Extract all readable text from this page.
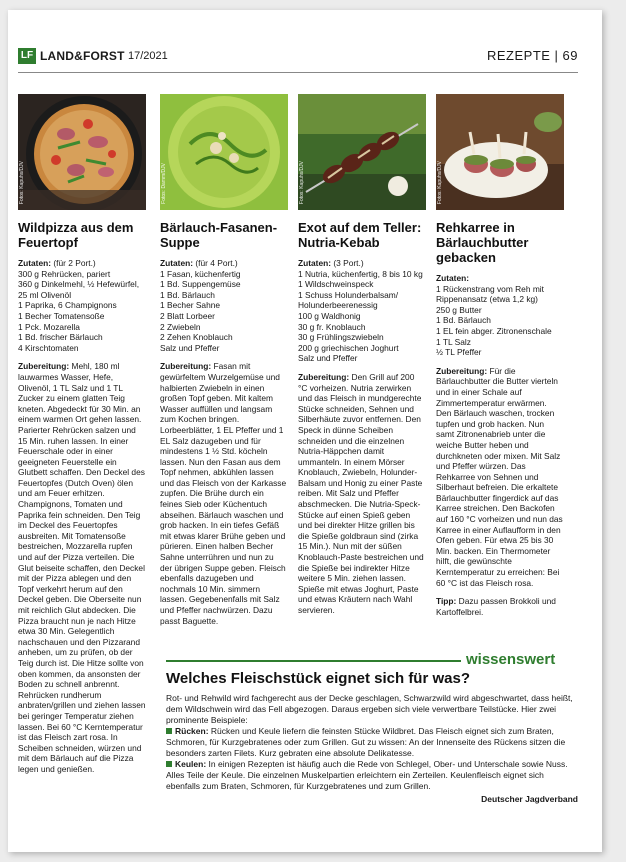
LF LAND&FORST 17/2021	REZEPTE | 69
Fotos: Kapuhs/DJV
Wildpizza aus dem Feuertopf
Zutaten: (für 2 Port.)
300 g Rehrücken, pariert
360 g Dinkelmehl, ½ Hefewürfel, 25 ml Olivenöl
1 Paprika, 6 Champignons
1 Becher Tomatensoße
1 Pck. Mozarella
1 Bd. frischer Bärlauch
4 Kirschtomaten
Zubereitung: Mehl, 180 ml lauwarmes Wasser, Hefe, Olivenöl, 1 TL Salz und 1 TL Zucker zu einem glatten Teig kneten. Abgedeckt für 30 Min. an einem warmen Ort gehen lassen. Parierter Rehrücken salzen und 15 Min. ruhen lassen. In einer Feuerschale oder in einer geeigneten Feuerstelle ein Glutbett schaffen. Den Deckel des Feuertopfes (Dutch Oven) ölen und am Feuer erhitzen. Champignons, Tomaten und Paprika fein schneiden. Den Teig im Deckel des Feuertopfes ausbreiten. Mit Tomatensoße bestreichen, Mozzarella rupfen und auf der Pizza verteilen. Die Glut beiseite schaffen, den Deckel mit der Pizza ablegen und den Topf verkehrt herum auf den Deckel geben. Die Oberseite nun mit reichlich Glut abdecken. Die Pizza braucht nun je nach Hitze etwa 30 Min. Gelegentlich nachschauen und den Pizzarand anheben, um zu prüfen, ob der Teig durch ist. Die Hitze sollte von oben kommen, da ansonsten der Boden zu schnell anbrennt. Rehrücken rundherum anbraten/grillen und ziehen lassen bei geringer Temperatur ziehen lassen. Bei 60 °C Kerntemperatur ist das Fleisch zart rosa. In Scheiben schneiden, würzen und mit dem Bärlauch auf die Pizza legen und genießen.
Fotos: Damm/DJV
Bärlauch-Fasanen-Suppe
Zutaten: (für 4 Port.)
1 Fasan, küchenfertig
1 Bd. Suppengemüse
1 Bd. Bärlauch
1 Becher Sahne
2 Blatt Lorbeer
2 Zwiebeln
2 Zehen Knoblauch
Salz und Pfeffer
Zubereitung: Fasan mit gewürfeltem Wurzelgemüse und halbierten Zwiebeln in einen großen Topf geben. Mit kaltem Wasser auffüllen und langsam zum Kochen bringen. Lorbeerblätter, 1 EL Pfeffer und 1 EL Salz dazugeben und für mindestens 1 ½ Std. köcheln lassen. Nun den Fasan aus dem Topf nehmen, abkühlen lassen und das Fleisch von der Karkasse zupfen. Die Brühe durch ein feines Sieb oder Küchentuch abseihen. Bärlauch waschen und grob hacken. In ein tiefes Gefäß mit etwas klarer Brühe geben und pürieren. Einen halben Becher Sahne unterrühren und nun zu der übrigen Suppe geben. Fleisch ebenfalls dazugeben und nochmals 10 Min. simmern lassen. Gegebenenfalls mit Salz und Pfeffer nachwürzen. Dazu passt Baguette.
Fotos: Kapuhs/DJV
Exot auf dem Teller: Nutria-Kebab
Zutaten: (3 Port.)
1 Nutria, küchenfertig, 8 bis 10 kg
1 Wildschweinspeck
1 Schuss Holunderbalsam/ Holunderbeerenessig
100 g Waldhonig
30 g fr. Knoblauch
30 g Frühlingszwiebeln
200 g griechischen Joghurt
Salz und Pfeffer
Zubereitung: Den Grill auf 200 °C vorheizen. Nutria zerwirken und das Fleisch in mundgerechte Stücke schneiden, Sehnen und Silberhäute zuvor entfernen. Den Speck in dünne Scheiben schneiden und die einzelnen Nutria-Häppchen damit ummanteln. In einem Mörser Knoblauch, Zwiebeln, Holunder-Balsam und Honig zu einer Paste reiben. Mit Salz und Pfeffer abschmecken. Die Nutria-Speck-Stücke auf einen Spieß geben und bei direkter Hitze grillen bis die Spieße goldbraun sind (zirka 15 Min.). Nun mit der süßen Knoblauch-Paste bestreichen und die Spieße bei indirekter Hitze weitere 5 Min. ziehen lassen. Spieße mit etwas Joghurt, Paste und etwas Kräutern nach Wahl servieren.
Fotos: Kapuhs/DJV
Rehkarree in Bärlauchbutter gebacken
Zutaten:
1 Rückenstrang vom Reh mit Rippenansatz (etwa 1,2 kg)
250 g Butter
1 Bd. Bärlauch
1 EL fein abger. Zitronenschale
1 TL Salz
½ TL Pfeffer
Zubereitung: Für die Bärlauchbutter die Butter vierteln und in einer Schale auf Zimmertemperatur erwärmen. Den Bärlauch waschen, trocken tupfen und grob hacken. Nun samt Zitronenabrieb unter die weiche Butter heben und durchkneten oder mixen. Mit Salz und Pfeffer würzen. Das Rehkarree von Sehnen und Silberhaut befreien. Die erkaltete Bärlauchbutter fingerdick auf das Karree streichen. Den Backofen auf 160 °C vorheizen und nun das Karree in einer Auflaufform in den Ofen geben. Für etwa 25 bis 30 Min. backen. Ein Thermometer hilft, die gewünschte Kerntemperatur zu erreichen: Bei 60 °C ist das Fleisch rosa.
Tipp: Dazu passen Brokkoli und Kartoffelbrei.
wissenswert
Welches Fleischstück eignet sich für was?
Rot- und Rehwild wird fachgerecht aus der Decke geschlagen, Schwarzwild wird abgeschwartet, dass heißt, dem Wildschwein wird das Fell abgezogen. Daraus ergeben sich viele verwertbare Teilstücke. Hier zwei prominente Beispiele:
Rücken: Rücken und Keule liefern die feinsten Stücke Wildbret. Das Fleisch eignet sich zum Braten, Schmoren, für Kurzgebratenes oder zum Grillen. Gut zu wissen: An der Innenseite des Rückens sitzen die besonders zarten Filets. Kurz gebraten eine absolute Delikatesse.
Keulen: In einigen Rezepten ist häufig auch die Rede von Schlegel, Ober- und Unterschale sowie Nuss. Alles Teile der Keule. Die einzelnen Muskelpartien erleichtern ein Zerteilen. Keulenfleisch eignet sich ebenfalls zum Braten, Schmoren, für Kurzgebratenes und zum Grillen.
Deutscher Jagdverband
